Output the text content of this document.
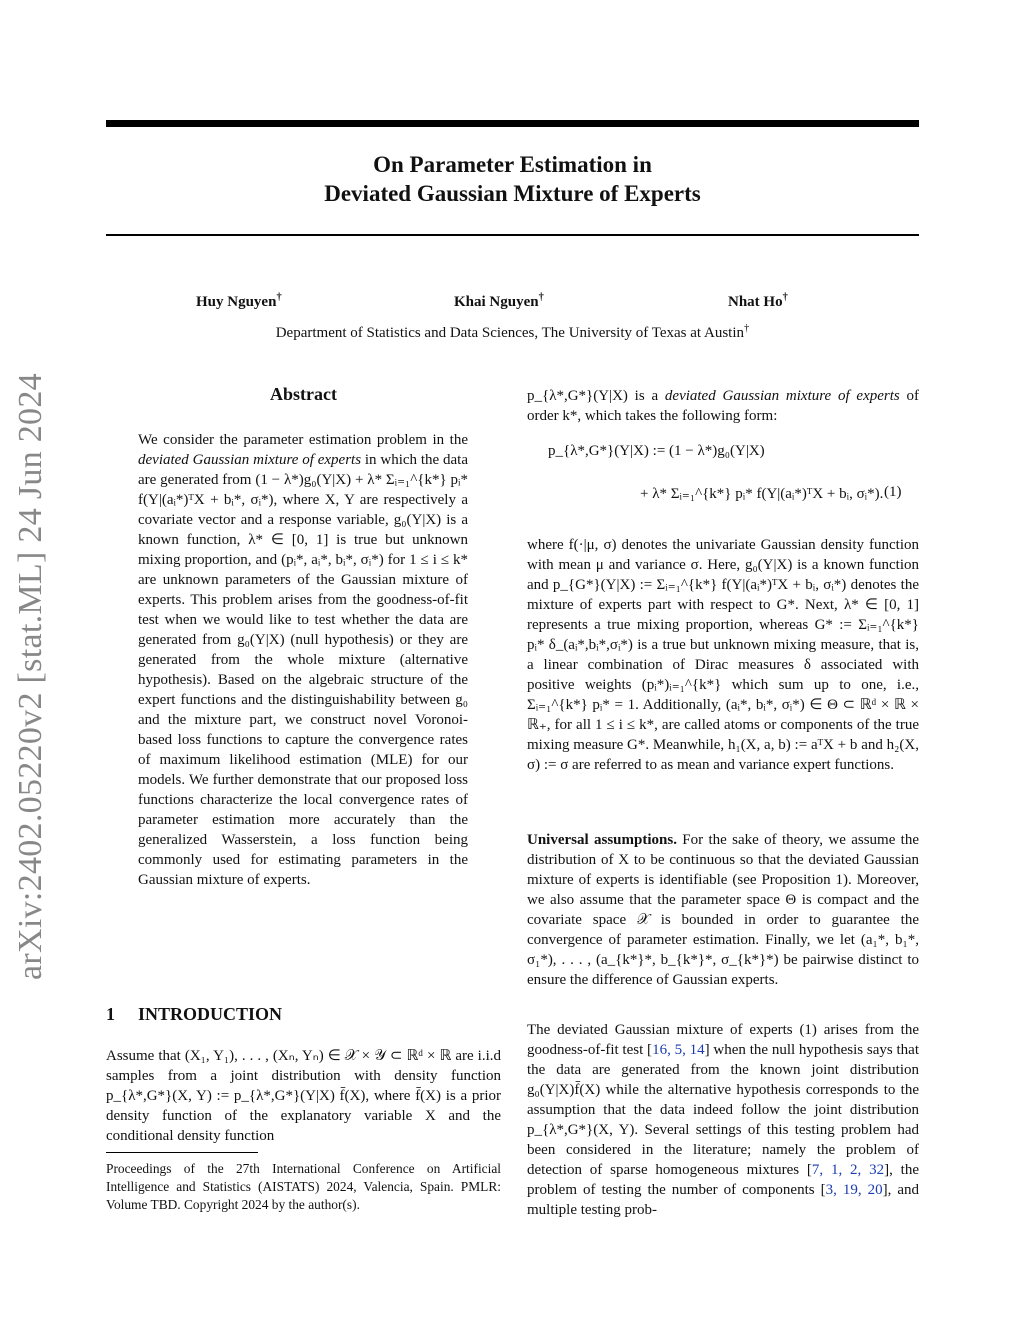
On Parameter Estimation in
Deviated Gaussian Mixture of Experts
Huy Nguyen†	Khai Nguyen†	Nhat Ho†
Department of Statistics and Data Sciences, The University of Texas at Austin†
arXiv:2402.05220v2 [stat.ML] 24 Jun 2024	Abstract
We consider the parameter estimation problem in the deviated Gaussian mixture of experts in which the data are generated from (1 − λ*)g₀(Y|X) + λ* Σᵢ₌₁^{k*} pᵢ* f(Y|(aᵢ*)ᵀX + bᵢ*, σᵢ*), where X, Y are respectively a covariate vector and a response variable, g₀(Y|X) is a known function, λ* ∈ [0, 1] is true but unknown mixing proportion, and (pᵢ*, aᵢ*, bᵢ*, σᵢ*) for 1 ≤ i ≤ k* are unknown parameters of the Gaussian mixture of experts. This problem arises from the goodness-of-fit test when we would like to test whether the data are generated from g₀(Y|X) (null hypothesis) or they are generated from the whole mixture (alternative hypothesis). Based on the algebraic structure of the expert functions and the distinguishability between g₀ and the mixture part, we construct novel Voronoi-based loss functions to capture the convergence rates of maximum likelihood estimation (MLE) for our models. We further demonstrate that our proposed loss functions characterize the local convergence rates of parameter estimation more accurately than the generalized Wasserstein, a loss function being commonly used for estimating parameters in the Gaussian mixture of experts.
1 INTRODUCTION
Assume that (X₁, Y₁), . . . , (Xₙ, Yₙ) ∈ 𝒳 × 𝒴 ⊂ ℝᵈ × ℝ are i.i.d samples from a joint distribution with density function p_{λ*,G*}(X, Y) := p_{λ*,G*}(Y|X) f̄(X), where f̄(X) is a prior density function of the explanatory variable X and the conditional density function
Proceedings of the 27th International Conference on Artificial Intelligence and Statistics (AISTATS) 2024, Valencia, Spain. PMLR: Volume TBD. Copyright 2024 by the author(s).
p_{λ*,G*}(Y|X) is a deviated Gaussian mixture of experts of order k*, which takes the following form:
p_{λ*,G*}(Y|X) := (1 − λ*)g₀(Y|X)
+ λ* Σᵢ₌₁^{k*} pᵢ* f(Y|(aᵢ*)ᵀX + bᵢ, σᵢ*). (1)
where f(·|μ, σ) denotes the univariate Gaussian density function with mean μ and variance σ. Here, g₀(Y|X) is a known function and p_{G*}(Y|X) := Σᵢ₌₁^{k*} f(Y|(aᵢ*)ᵀX + bᵢ, σᵢ*) denotes the mixture of experts part with respect to G*. Next, λ* ∈ [0, 1] represents a true mixing proportion, whereas G* := Σᵢ₌₁^{k*} pᵢ* δ_(aᵢ*,bᵢ*,σᵢ*) is a true but unknown mixing measure, that is, a linear combination of Dirac measures δ associated with positive weights (pᵢ*)ᵢ₌₁^{k*} which sum up to one, i.e., Σᵢ₌₁^{k*} pᵢ* = 1. Additionally, (aᵢ*, bᵢ*, σᵢ*) ∈ Θ ⊂ ℝᵈ × ℝ × ℝ₊, for all 1 ≤ i ≤ k*, are called atoms or components of the true mixing measure G*. Meanwhile, h₁(X, a, b) := aᵀX + b and h₂(X, σ) := σ are referred to as mean and variance expert functions.
Universal assumptions. For the sake of theory, we assume the distribution of X to be continuous so that the deviated Gaussian mixture of experts is identifiable (see Proposition 1). Moreover, we also assume that the parameter space Θ is compact and the covariate space 𝒳 is bounded in order to guarantee the convergence of parameter estimation. Finally, we let (a₁*, b₁*, σ₁*), . . . , (a_{k*}*, b_{k*}*, σ_{k*}*) be pairwise distinct to ensure the difference of Gaussian experts.
The deviated Gaussian mixture of experts (1) arises from the goodness-of-fit test [16, 5, 14] when the null hypothesis says that the data are generated from the known joint distribution g₀(Y|X)f̄(X) while the alternative hypothesis corresponds to the assumption that the data indeed follow the joint distribution p_{λ*,G*}(X, Y). Several settings of this testing problem had been considered in the literature; namely the problem of detection of sparse homogeneous mixtures [7, 1, 2, 32], the problem of testing the number of components [3, 19, 20], and multiple testing prob-
